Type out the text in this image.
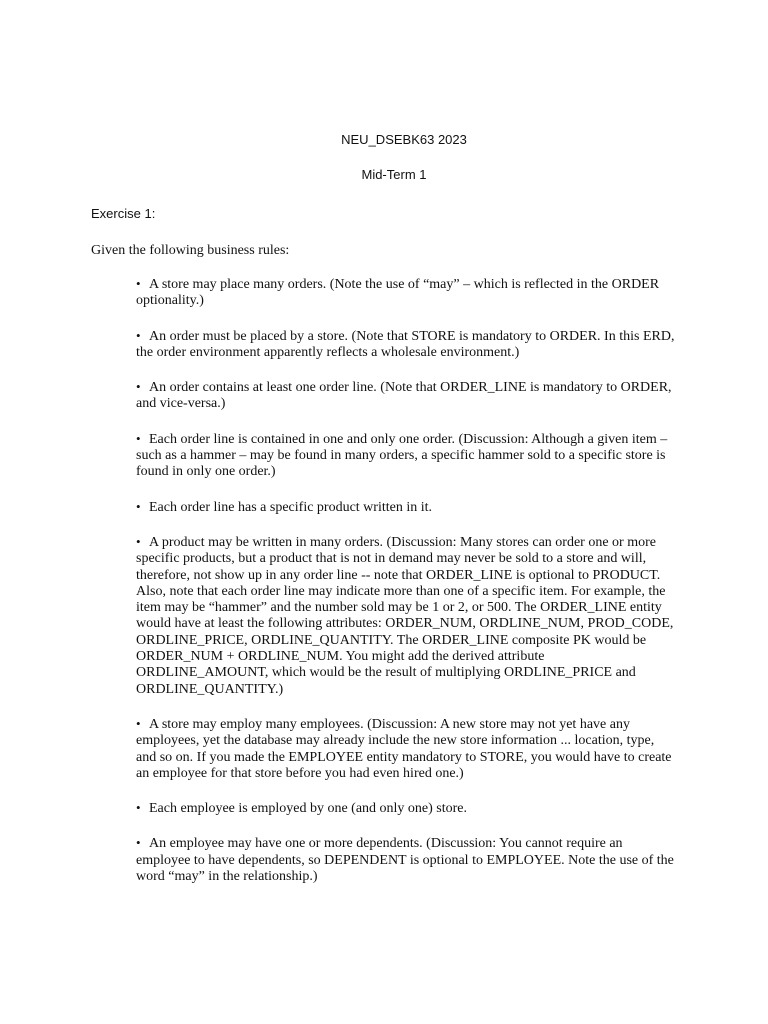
NEU_DSEBK63 2023
Mid-Term 1
Exercise 1:
Given the following business rules:

• A store may place many orders. (Note the use of “may” – which is reflected in the ORDER optionality.)

• An order must be placed by a store. (Note that STORE is mandatory to ORDER. In this ERD, the order environment apparently reflects a wholesale environment.)

• An order contains at least one order line. (Note that ORDER_LINE is mandatory to ORDER, and vice-versa.)

• Each order line is contained in one and only one order. (Discussion: Although a given item – such as a hammer – may be found in many orders, a specific hammer sold to a specific store is found in only one order.)

• Each order line has a specific product written in it.

• A product may be written in many orders. (Discussion: Many stores can order one or more specific products, but a product that is not in demand may never be sold to a store and will, therefore, not show up in any order line -- note that ORDER_LINE is optional to PRODUCT. Also, note that each order line may indicate more than one of a specific item. For example, the item may be “hammer” and the number sold may be 1 or 2, or 500. The ORDER_LINE entity would have at least the following attributes: ORDER_NUM, ORDLINE_NUM, PROD_CODE, ORDLINE_PRICE, ORDLINE_QUANTITY. The ORDER_LINE composite PK would be ORDER_NUM + ORDLINE_NUM. You might add the derived attribute ORDLINE_AMOUNT, which would be the result of multiplying ORDLINE_PRICE and ORDLINE_QUANTITY.)

• A store may employ many employees. (Discussion: A new store may not yet have any employees, yet the database may already include the new store information ... location, type, and so on. If you made the EMPLOYEE entity mandatory to STORE, you would have to create an employee for that store before you had even hired one.)

• Each employee is employed by one (and only one) store.

• An employee may have one or more dependents. (Discussion: You cannot require an employee to have dependents, so DEPENDENT is optional to EMPLOYEE. Note the use of the word “may” in the relationship.)
